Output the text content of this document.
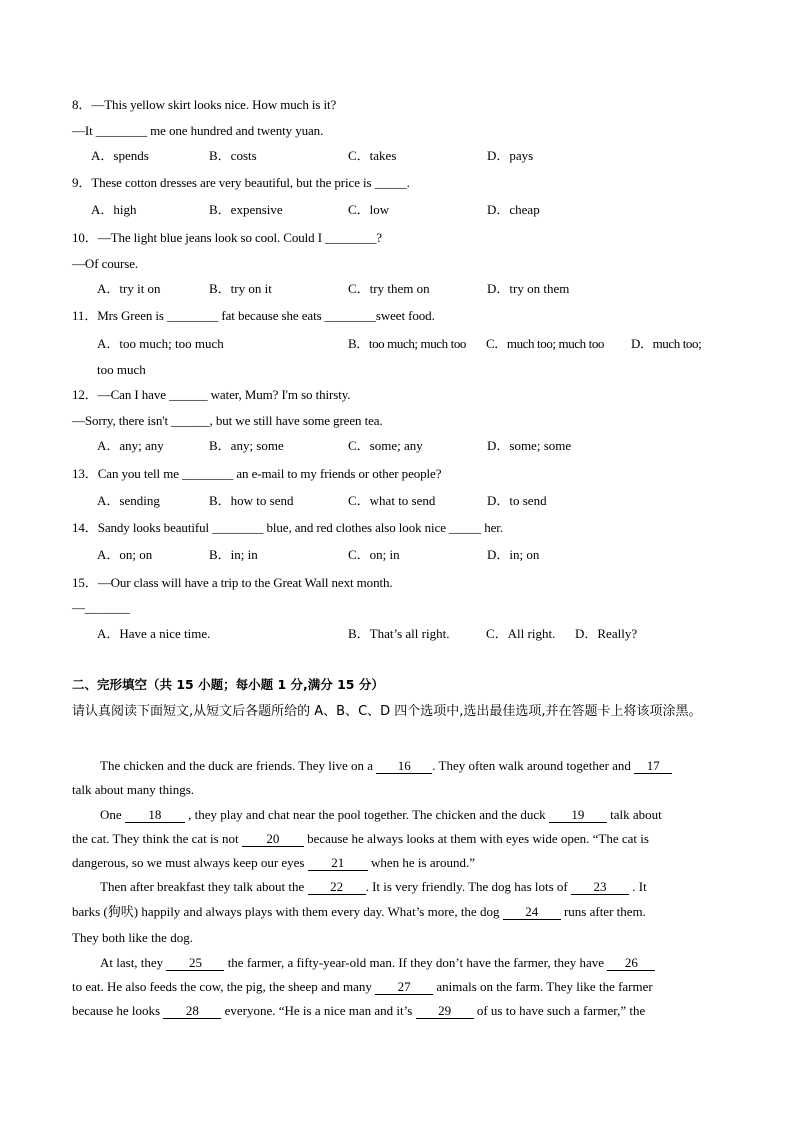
8．—This yellow skirt looks nice. How much is it?
—It ________ me one hundred and twenty yuan.
A．spends	B．costs	C．takes	D．pays
9．These cotton dresses are very beautiful, but the price is _____.
A．high	B．expensive	C．low	D．cheap
10．—The light blue jeans look so cool. Could I ________?
—Of course.
A．try it on	B．try on it	C．try them on	D．try on them
11．Mrs Green is ________ fat because she eats ________sweet food.
A．too much; too much	B．too much; much too C．much too; much too D．much too;
too much
12．—Can I have ______ water, Mum? I'm so thirsty.
—Sorry, there isn't ______, but we still have some green tea.
A．any; any	B．any; some	C．some; any	D．some; some
13．Can you tell me ________ an e-mail to my friends or other people?
A．sending	B．how to send	C．what to send	D．to send
14．Sandy looks beautiful ________ blue, and red clothes also look nice _____ her.
A．on; on	B．in; in	C．on; in	D．in; on
15．—Our class will have a trip to the Great Wall next month.
—_______
A．Have a nice time.	B．That’s all right.	C．All right. D．Really?
二、完形填空（共 15 小题；每小题 1 分,满分 15 分）
请认真阅读下面短文,从短文后各题所给的 A、B、C、D 四个选项中,选出最佳选项,并在答题卡上将该项涂黑。
The chicken and the duck are friends. They live on a 16 . They often walk around together and 17
talk about many things.
One 18 , they play and chat near the pool together. The chicken and the duck 19 talk about
the cat. They think the cat is not 20 because he always looks at them with eyes wide open. “The cat is
dangerous, so we must always keep our eyes 21 when he is around.”
Then after breakfast they talk about the 22 . It is very friendly. The dog has lots of 23 . It
barks (狗吠) happily and always plays with them every day. What’s more, the dog 24 runs after them.
They both like the dog.
At last, they 25 the farmer, a fifty-year-old man. If they don’t have the farmer, they have 26
to eat. He also feeds the cow, the pig, the sheep and many 27 animals on the farm. They like the farmer
because he looks 28 everyone. “He is a nice man and it’s 29 of us to have such a farmer,” the
